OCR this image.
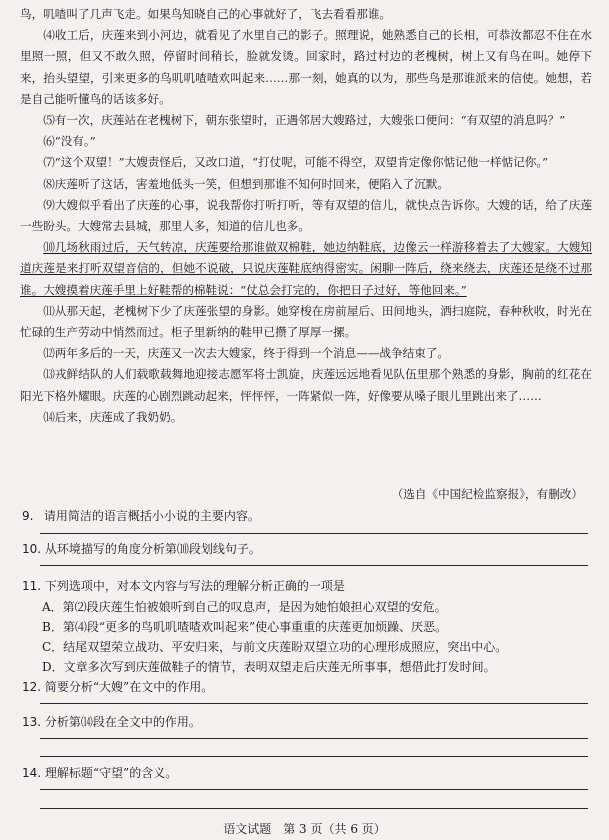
鸟，叽喳叫了几声飞走。如果鸟知晓自己的心事就好了，飞去看看那谁。

⑷收工后，庆莲来到小河边，就看见了水里自己的影子。照理说，她熟悉自己的长相，可恭汝都忍不住在水里照一照，但又不敢久照，停留时间稍长，脸就发烫。回家时，路过村边的老槐树，树上又有鸟在叫。她停下来，抬头望望，引来更多的鸟叽叽喳喳欢叫起来……那一刻，她真的以为，那些鸟是那谁派来的信使。她想，若是自己能听懂鸟的话该多好。

⑸有一次，庆莲站在老槐树下，朝东张望时，正遇邻居大嫂路过，大嫂张口便问：“有双望的消息吗？”

⑹“没有。”

⑺“这个双望！”大嫂责怪后，又改口道，“打仗呢，可能不得空，双望肯定像你惦记他一样惦记你。”

⑻庆莲听了这话，害羞地低头一笑，但想到那谁不知何时回来，便陷入了沉默。

⑼大嫂似乎看出了庆莲的心事，说我帮你打听打听，等有双望的信儿，就快点告诉你。大嫂的话，给了庆莲一些盼头。大嫂常去县城，那里人多，知道的信儿也多。

⑽几场秋雨过后，天气转凉，庆莲要给那谁做双棉鞋，她边纳鞋底，边像云一样游移着去了大嫂家。大嫂知道庆莲是来打听双望音信的，但她不说破，只说庆莲鞋底纳得密实。闲聊一阵后，绕来绕去，庆莲还是绕不过那谁。大嫂摸着庆莲手里上好鞋帮的棉鞋说：“仗总会打完的，你把日子过好，等他回来。”

⑾从那天起，老槐树下少了庆莲张望的身影。她穿梭在房前屋后、田间地头，洒扫庭院，春种秋收，时光在忙碌的生产劳动中悄然而过。柜子里新纳的鞋甲已攒了厚厚一摞。

⑿两年多后的一天，庆莲又一次去大嫂家，终于得到一个消息——战争结束了。

⒀戎鲜结队的人们载歌载舞地迎接志愿军将士凯旋，庆莲远远地看见队伍里那个熟悉的身影，胸前的红花在阳光下格外耀眼。庆莲的心剧烈跳动起来，怦怦怦，一阵紧似一阵，好像要从嗓子眼儿里跳出来了……

⒁后来，庆莲成了我奶奶。

（选自《中国纪检监察报》，有删改）
9. 请用简洁的语言概括小小说的主要内容。
10. 从环境描写的角度分析第⑽段划线句子。
11. 下列选项中，对本文内容与写法的理解分析正确的一项是
A．第⑵段庆莲生怕被娘听到自己的叹息声，是因为她怕娘担心双望的安危。
B．第⑷段“更多的鸟叽叽喳喳欢叫起来”使心事重重的庆莲更加烦躁、厌恶。
C．结尾双望荣立战功、平安归来，与前文庆莲盼双望立功的心理形成照应，突出中心。
D．文章多次写到庆莲做鞋子的情节，表明双望走后庆莲无所事事，想借此打发时间。
12. 简要分析“大嫂”在文中的作用。
13. 分析第⒁段在全文中的作用。
14. 理解标题“守望”的含义。
语文试题　第 3 页（共 6 页）
